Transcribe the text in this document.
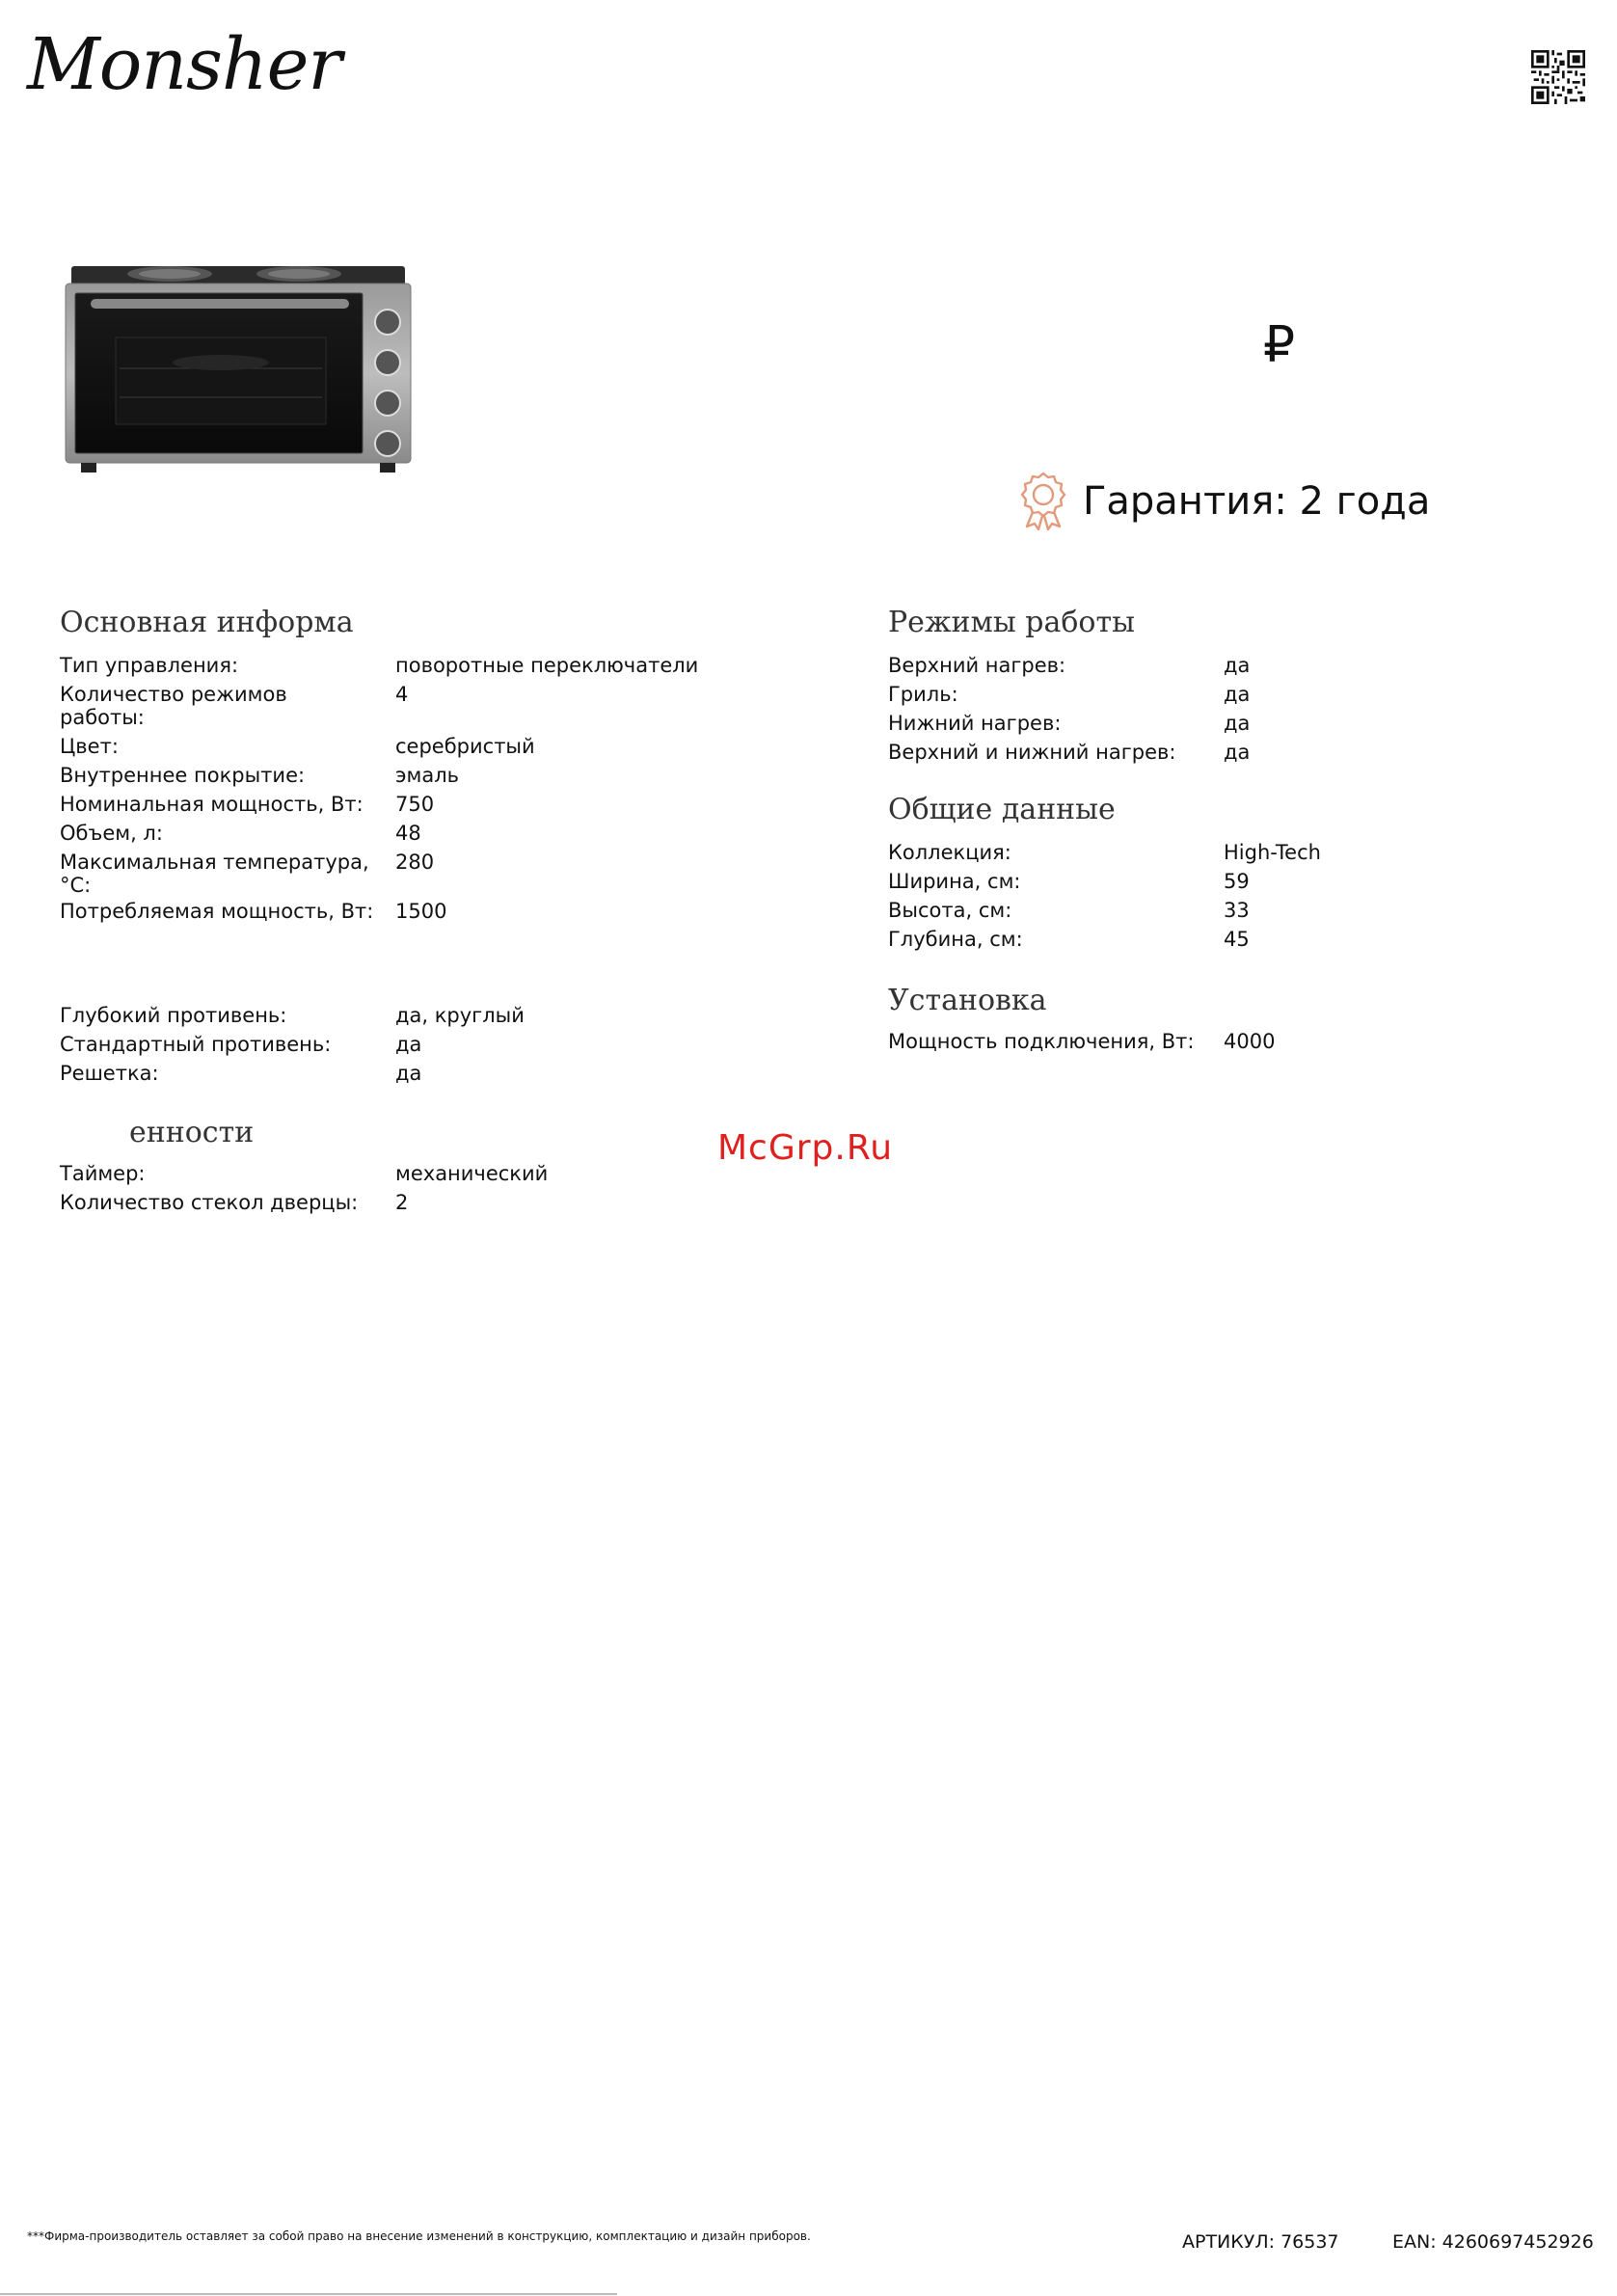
Monsher
₽
Гарантия: 2 года
Основная информа
Тип управления:	поворотные переключатели
Количество режимов работы:
4
Цвет:	серебристый
Внутреннее покрытие:	эмаль
Номинальная мощность, Вт:	750
Объем, л:	48
Максимальная температура, °С:
280
Потребляемая мощность, Вт: 1500
Глубокий противень:	да, круглый
Стандартный противень:	да
Решетка:	да
енности
Таймер:	механический
Количество стекол дверцы:	2
Режимы работы
Верхний нагрев:	да
Гриль:	да
Нижний нагрев:	да
Верхний и нижний нагрев:	да
Общие данные
Коллекция:	High-Tech
Ширина, см:	59
Высота, см:	33
Глубина, см:	45
Установка
Мощность подключения, Вт:	4000
McGrp.Ru
***Фирма-производитель оставляет за собой право на внесение изменений в конструкцию, комплектацию и дизайн приборов.	АРТИКУЛ: 76537	EAN: 4260697452926
